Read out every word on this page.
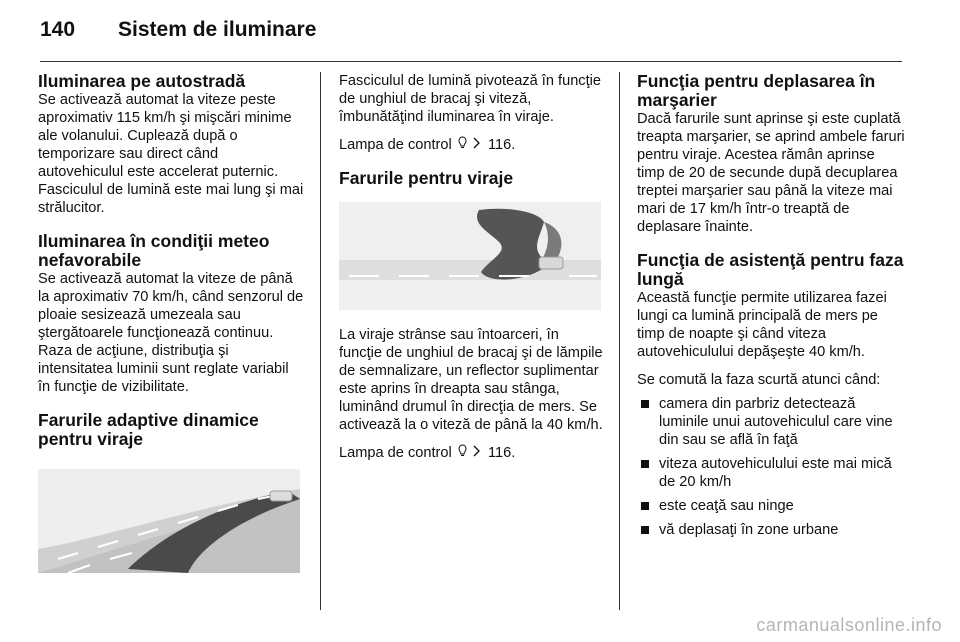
140	Sistem de iluminare
Iluminarea pe autostradă

Se activează automat la viteze peste aproximativ 115 km/h şi mişcări minime ale volanului. Cuplează după o temporizare sau direct când autovehiculul este accelerat puternic. Fasciculul de lumină este mai lung şi mai strălucitor.

Iluminarea în condiţii meteo nefavorabile

Se activează automat la viteze de până la aproximativ 70 km/h, când senzorul de ploaie sesizează umezeala sau ştergătoarele funcţionează continuu. Raza de acţiune, distribuţia şi intensitatea luminii sunt reglate variabil în funcţie de vizibilitate.

Farurile adaptive dinamice pentru viraje

Fasciculul de lumină pivotează în funcţie de unghiul de bracaj şi viteză, îmbunătăţind iluminarea în viraje.

Lampa de control 116.

Farurile pentru viraje

La viraje strânse sau întoarceri, în funcţie de unghiul de bracaj şi de lămpile de semnalizare, un reflector suplimentar este aprins în dreapta sau stânga, luminând drumul în direcţia de mers. Se activează la o viteză de până la 40 km/h.

Lampa de control 116.

Funcţia pentru deplasarea în marşarier

Dacă farurile sunt aprinse şi este cuplată treapta marşarier, se aprind ambele faruri pentru viraje. Acestea rămân aprinse timp de 20 de secunde după decuplarea treptei marşarier sau până la viteze mai mari de 17 km/h într-o treaptă de deplasare înainte.

Funcţia de asistenţă pentru faza lungă

Această funcţie permite utilizarea fazei lungi ca lumină principală de mers pe timp de noapte şi când viteza autovehiculului depăşeşte 40 km/h.

Se comută la faza scurtă atunci când:

camera din parbriz detectează luminile unui autovehiculul care vine din sau se află în faţă
viteza autovehiculului este mai mică de 20 km/h
este ceaţă sau ninge
vă deplasaţi în zone urbane
carmanualsonline.info
